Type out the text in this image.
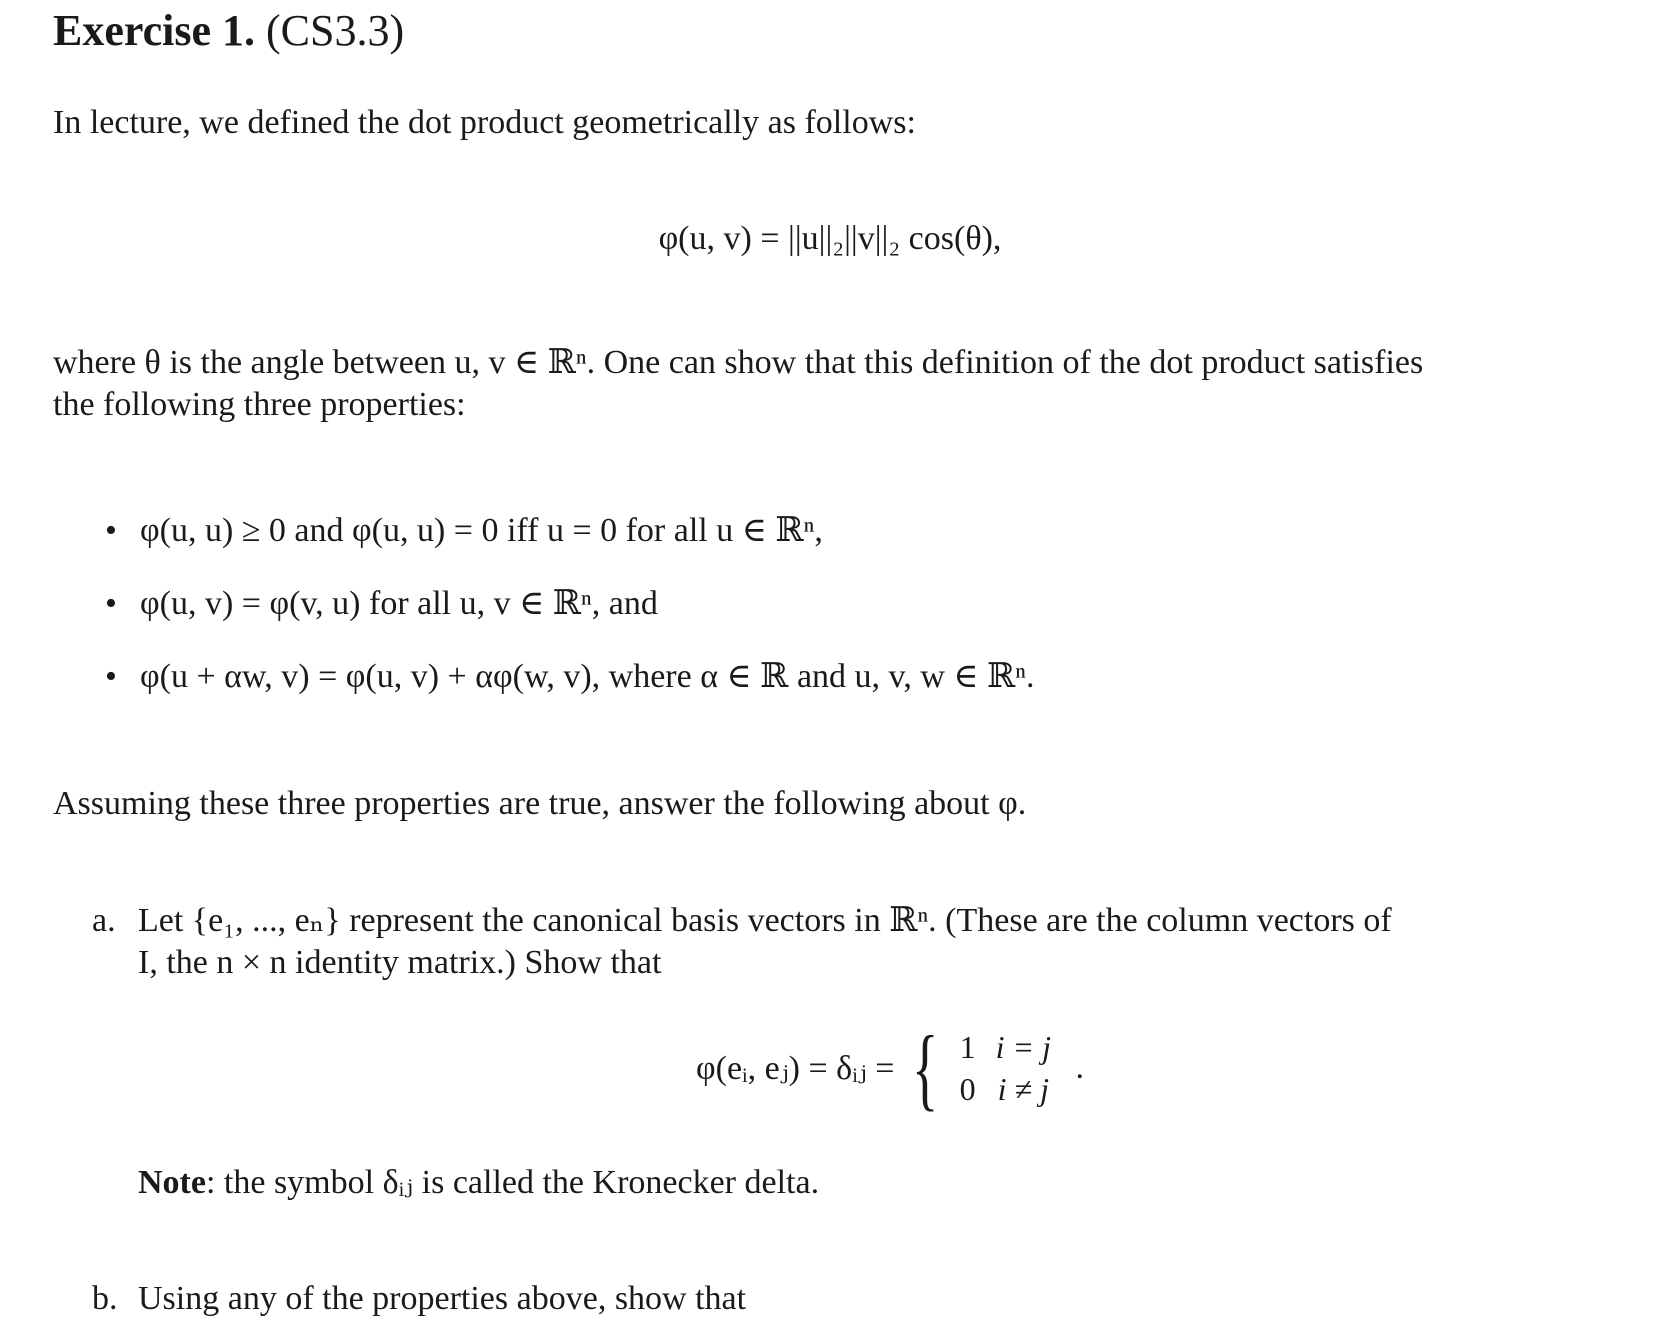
Exercise 1. (CS3.3)
In lecture, we defined the dot product geometrically as follows:
φ(u, v) = ||u||₂||v||₂ cos(θ),
where θ is the angle between u, v ∈ ℝⁿ. One can show that this definition of the dot product satisfies
the following three properties:
• φ(u, u) ≥ 0 and φ(u, u) = 0 iff u = 0 for all u ∈ ℝⁿ,
• φ(u, v) = φ(v, u) for all u, v ∈ ℝⁿ, and
• φ(u + αw, v) = φ(u, v) + αφ(w, v), where α ∈ ℝ and u, v, w ∈ ℝⁿ.
Assuming these three properties are true, answer the following about φ.
a. Let {e₁, ..., eₙ} represent the canonical basis vectors in ℝⁿ. (These are the column vectors of
I, the n × n identity matrix.) Show that
φ(eᵢ, eⱼ) = δᵢⱼ = { 1	i = j
0	i ≠ j .
Note: the symbol δᵢⱼ is called the Kronecker delta.
b. Using any of the properties above, show that
